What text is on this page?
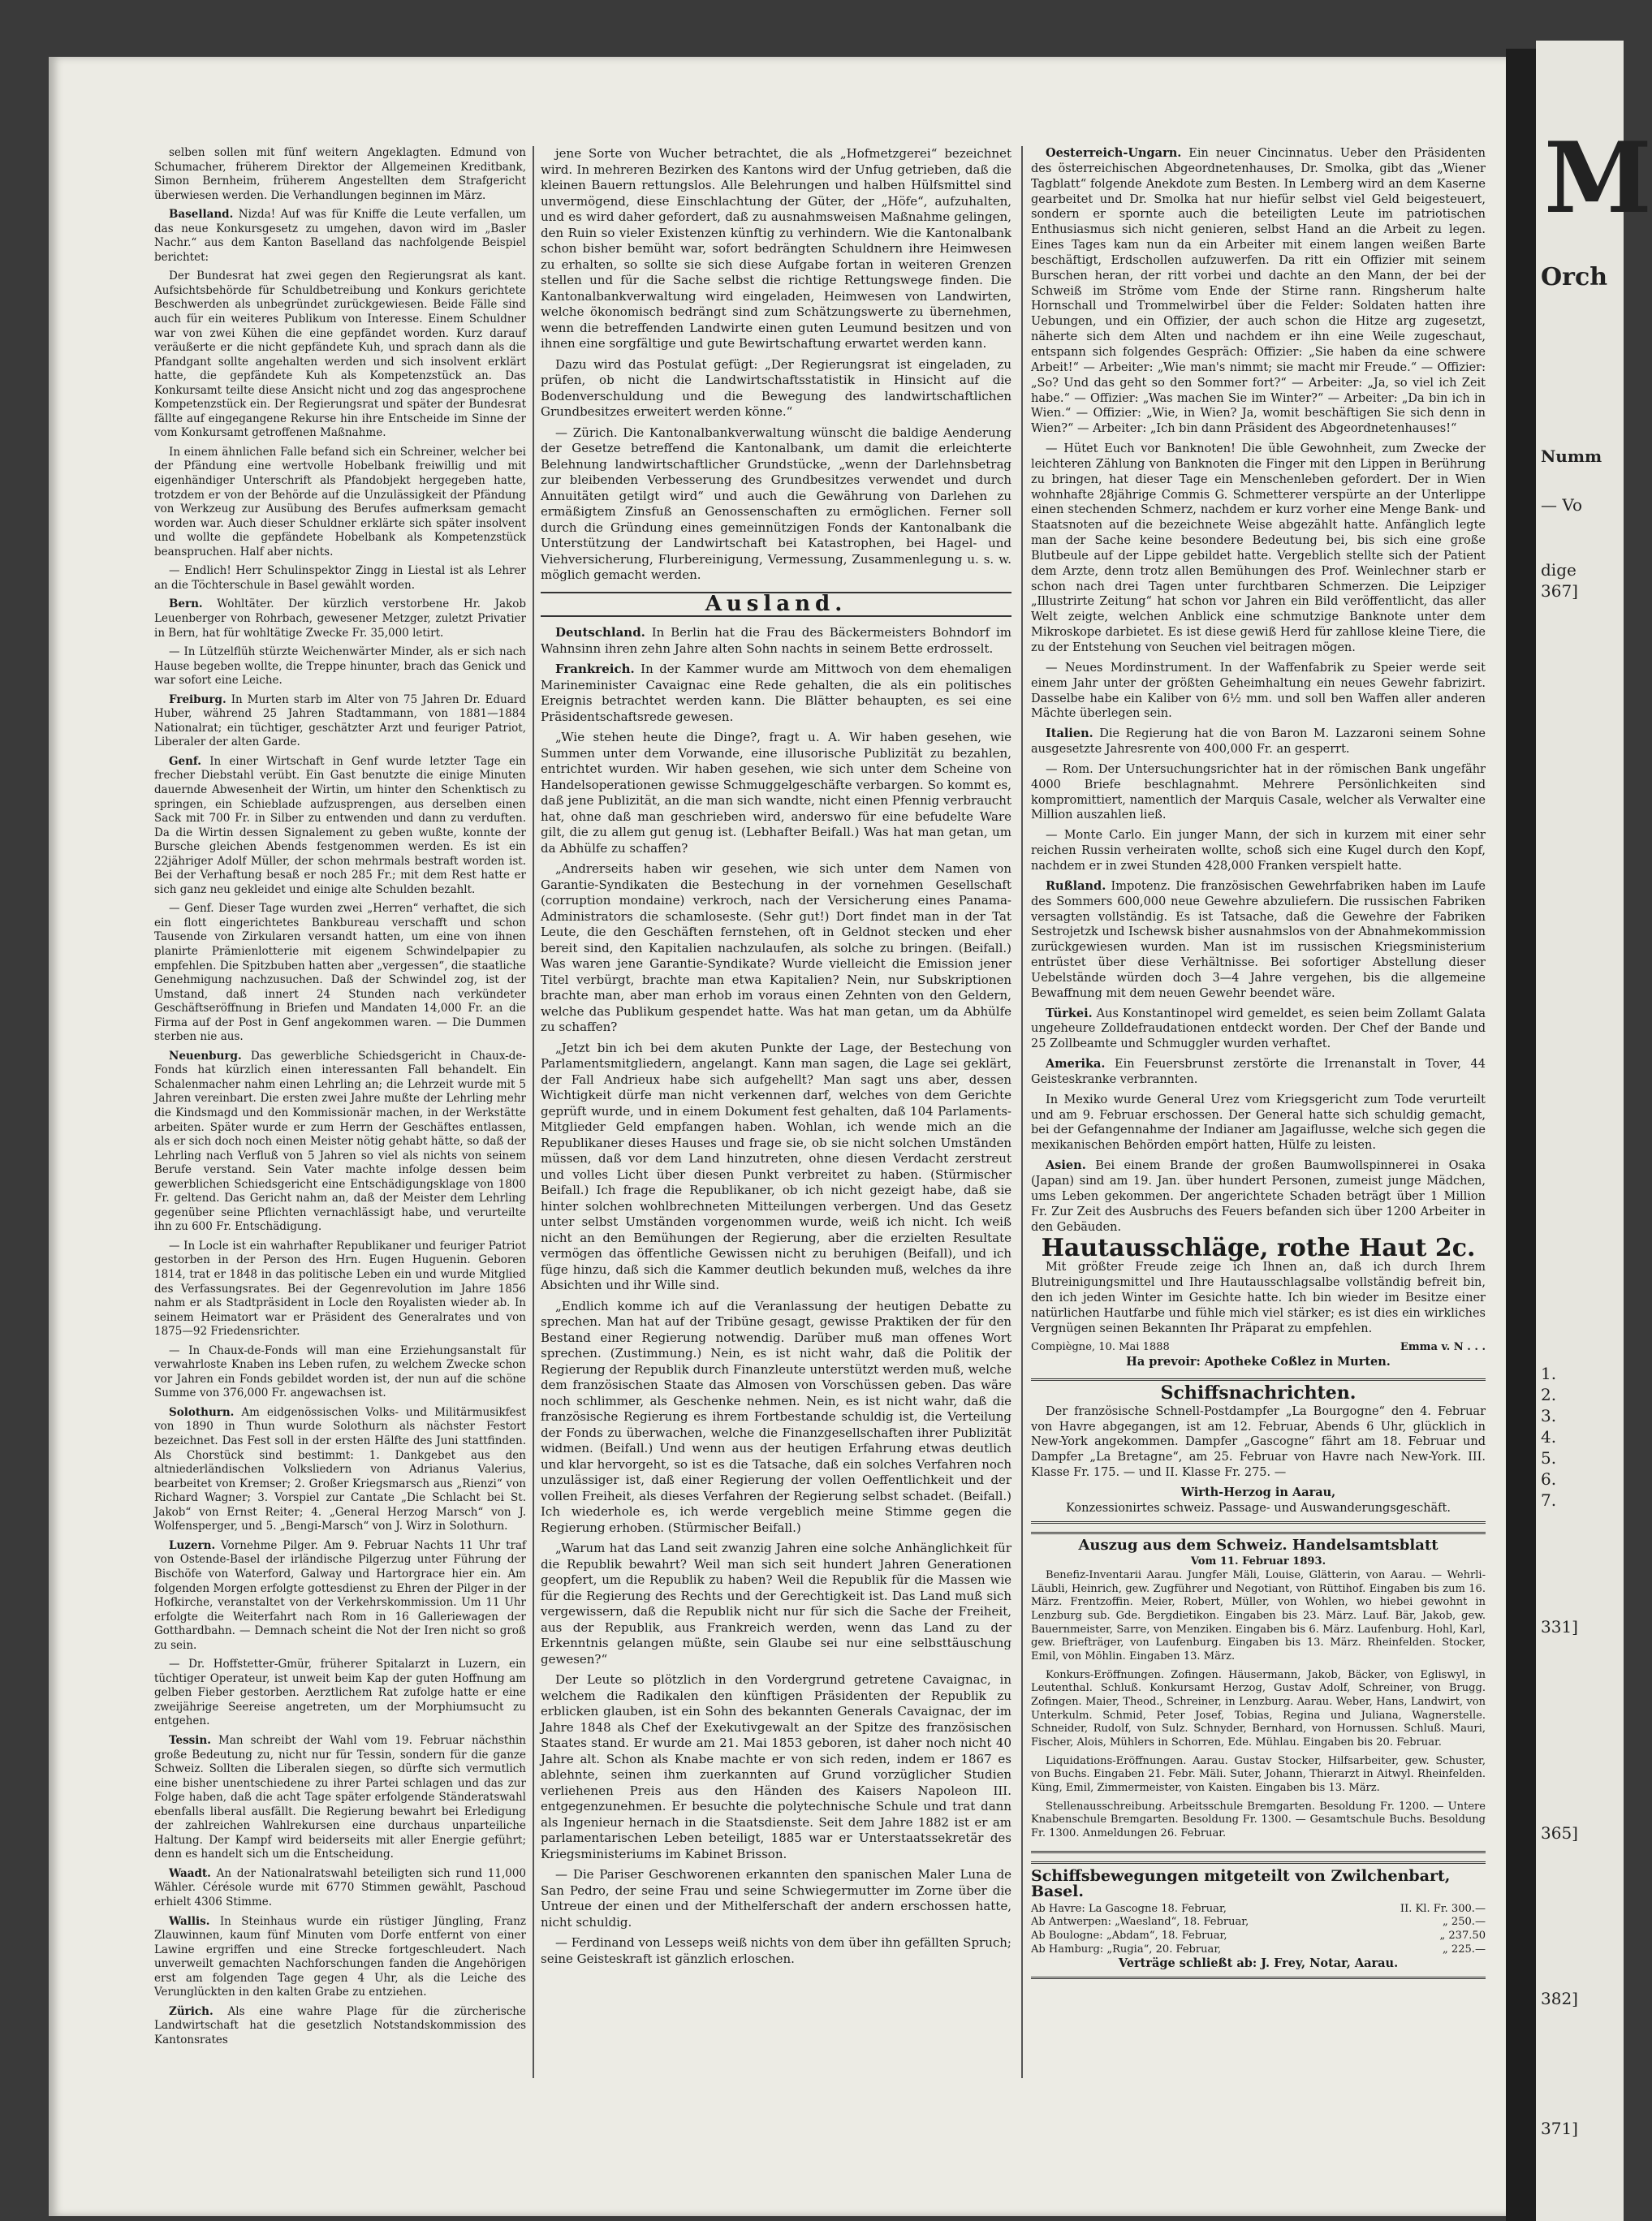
M
Orch
Numm
— Vo
dige
367]
1.
2.
3.
4.
5.
6.
7.
331]
365]
382]
371]

selben sollen mit fünf weitern Angeklagten. Edmund von Schumacher, früherem Direktor der Allgemeinen Kreditbank, Simon Bernheim, früherem Angestellten dem Strafgericht überwiesen werden. Die Verhandlungen beginnen im März.

Baselland. Nizda! Auf was für Kniffe die Leute verfallen, um das neue Konkursgesetz zu umgehen, davon wird im „Basler Nachr.“ aus dem Kanton Baselland das nachfolgende Beispiel berichtet:

Der Bundesrat hat zwei gegen den Regierungsrat als kant. Aufsichtsbehörde für Schuldbetreibung und Konkurs gerichtete Beschwerden als unbegründet zurückgewiesen. Beide Fälle sind auch für ein weiteres Publikum von Interesse. Einem Schuldner war von zwei Kühen die eine gepfändet worden. Kurz darauf veräußerte er die nicht gepfändete Kuh, und sprach dann als die Pfandgant sollte angehalten werden und sich insolvent erklärt hatte, die gepfändete Kuh als Kompetenzstück an. Das Konkursamt teilte diese Ansicht nicht und zog das angesprochene Kompetenzstück ein. Der Regierungsrat und später der Bundesrat fällte auf eingegangene Rekurse hin ihre Entscheide im Sinne der vom Konkursamt getroffenen Maßnahme.

In einem ähnlichen Falle befand sich ein Schreiner, welcher bei der Pfändung eine wertvolle Hobelbank freiwillig und mit eigenhändiger Unterschrift als Pfandobjekt hergegeben hatte, trotzdem er von der Behörde auf die Unzulässigkeit der Pfändung von Werkzeug zur Ausübung des Berufes aufmerksam gemacht worden war. Auch dieser Schuldner erklärte sich später insolvent und wollte die gepfändete Hobelbank als Kompetenzstück beanspruchen. Half aber nichts.

— Endlich! Herr Schulinspektor Zingg in Liestal ist als Lehrer an die Töchterschule in Basel gewählt worden.

Bern. Wohltäter. Der kürzlich verstorbene Hr. Jakob Leuenberger von Rohrbach, gewesener Metzger, zuletzt Privatier in Bern, hat für wohltätige Zwecke Fr. 35,000 letirt.

— In Lützelflüh stürzte Weichenwärter Minder, als er sich nach Hause begeben wollte, die Treppe hinunter, brach das Genick und war sofort eine Leiche.

Freiburg. In Murten starb im Alter von 75 Jahren Dr. Eduard Huber, während 25 Jahren Stadtammann, von 1881—1884 Nationalrat; ein tüchtiger, geschätzter Arzt und feuriger Patriot, Liberaler der alten Garde.

Genf. In einer Wirtschaft in Genf wurde letzter Tage ein frecher Diebstahl verübt. Ein Gast benutzte die einige Minuten dauernde Abwesenheit der Wirtin, um hinter den Schenktisch zu springen, ein Schieblade aufzusprengen, aus derselben einen Sack mit 700 Fr. in Silber zu entwenden und dann zu verduften. Da die Wirtin dessen Signalement zu geben wußte, konnte der Bursche gleichen Abends festgenommen werden. Es ist ein 22jähriger Adolf Müller, der schon mehrmals bestraft worden ist. Bei der Verhaftung besaß er noch 285 Fr.; mit dem Rest hatte er sich ganz neu gekleidet und einige alte Schulden bezahlt.

— Genf. Dieser Tage wurden zwei „Herren“ verhaftet, die sich ein flott eingerichtetes Bankbureau verschafft und schon Tausende von Zirkularen versandt hatten, um eine von ihnen planirte Prämienlotterie mit eigenem Schwindelpapier zu empfehlen. Die Spitzbuben hatten aber „vergessen“, die staatliche Genehmigung nachzusuchen. Daß der Schwindel zog, ist der Umstand, daß innert 24 Stunden nach verkündeter Geschäftseröffnung in Briefen und Mandaten 14,000 Fr. an die Firma auf der Post in Genf angekommen waren. — Die Dummen sterben nie aus.

Neuenburg. Das gewerbliche Schiedsgericht in Chaux-de-Fonds hat kürzlich einen interessanten Fall behandelt. Ein Schalenmacher nahm einen Lehrling an; die Lehrzeit wurde mit 5 Jahren vereinbart. Die ersten zwei Jahre mußte der Lehrling mehr die Kindsmagd und den Kommissionär machen, in der Werkstätte arbeiten. Später wurde er zum Herrn der Geschäftes entlassen, als er sich doch noch einen Meister nötig gehabt hätte, so daß der Lehrling nach Verfluß von 5 Jahren so viel als nichts von seinem Berufe verstand. Sein Vater machte infolge dessen beim gewerblichen Schiedsgericht eine Entschädigungsklage von 1800 Fr. geltend. Das Gericht nahm an, daß der Meister dem Lehrling gegenüber seine Pflichten vernachlässigt habe, und verurteilte ihn zu 600 Fr. Entschädigung.

— In Locle ist ein wahrhafter Republikaner und feuriger Patriot gestorben in der Person des Hrn. Eugen Huguenin. Geboren 1814, trat er 1848 in das politische Leben ein und wurde Mitglied des Verfassungsrates. Bei der Gegenrevolution im Jahre 1856 nahm er als Stadtpräsident in Locle den Royalisten wieder ab. In seinem Heimatort war er Präsident des Generalrates und von 1875—92 Friedensrichter.

— In Chaux-de-Fonds will man eine Erziehungsanstalt für verwahrloste Knaben ins Leben rufen, zu welchem Zwecke schon vor Jahren ein Fonds gebildet worden ist, der nun auf die schöne Summe von 376,000 Fr. angewachsen ist.

Solothurn. Am eidgenössischen Volks- und Militärmusikfest von 1890 in Thun wurde Solothurn als nächster Festort bezeichnet. Das Fest soll in der ersten Hälfte des Juni stattfinden. Als Chorstück sind bestimmt: 1. Dankgebet aus den altniederländischen Volksliedern von Adrianus Valerius, bearbeitet von Kremser; 2. Großer Kriegsmarsch aus „Rienzi“ von Richard Wagner; 3. Vorspiel zur Cantate „Die Schlacht bei St. Jakob“ von Ernst Reiter; 4. „General Herzog Marsch“ von J. Wolfensperger, und 5. „Bengi-Marsch“ von J. Wirz in Solothurn.

Luzern. Vornehme Pilger. Am 9. Februar Nachts 11 Uhr traf von Ostende-Basel der irländische Pilgerzug unter Führung der Bischöfe von Waterford, Galway und Hartorgrace hier ein. Am folgenden Morgen erfolgte gottesdienst zu Ehren der Pilger in der Hofkirche, veranstaltet von der Verkehrskommission. Um 11 Uhr erfolgte die Weiterfahrt nach Rom in 16 Galleriewagen der Gotthardbahn. — Demnach scheint die Not der Iren nicht so groß zu sein.

— Dr. Hoffstetter-Gmür, früherer Spitalarzt in Luzern, ein tüchtiger Operateur, ist unweit beim Kap der guten Hoffnung am gelben Fieber gestorben. Aerztlichem Rat zufolge hatte er eine zweijährige Seereise angetreten, um der Morphiumsucht zu entgehen.

Tessin. Man schreibt der Wahl vom 19. Februar nächsthin große Bedeutung zu, nicht nur für Tessin, sondern für die ganze Schweiz. Sollten die Liberalen siegen, so dürfte sich vermutlich eine bisher unentschiedene zu ihrer Partei schlagen und das zur Folge haben, daß die acht Tage später erfolgende Ständeratswahl ebenfalls liberal ausfällt. Die Regierung bewahrt bei Erledigung der zahlreichen Wahlrekursen eine durchaus unparteiliche Haltung. Der Kampf wird beiderseits mit aller Energie geführt; denn es handelt sich um die Entscheidung.

Waadt. An der Nationalratswahl beteiligten sich rund 11,000 Wähler. Cérésole wurde mit 6770 Stimmen gewählt, Paschoud erhielt 4306 Stimme.

Wallis. In Steinhaus wurde ein rüstiger Jüngling, Franz Zlauwinnen, kaum fünf Minuten vom Dorfe entfernt von einer Lawine ergriffen und eine Strecke fortgeschleudert. Nach unverweilt gemachten Nachforschungen fanden die Angehörigen erst am folgenden Tage gegen 4 Uhr, als die Leiche des Verunglückten in den kalten Grabe zu entziehen.

Zürich. Als eine wahre Plage für die zürcherische Landwirtschaft hat die gesetzlich Notstandskommission des Kantonsrates

jene Sorte von Wucher betrachtet, die als „Hofmetzgerei“ bezeichnet wird. In mehreren Bezirken des Kantons wird der Unfug getrieben, daß die kleinen Bauern rettungslos. Alle Belehrungen und halben Hülfsmittel sind unvermögend, diese Einschlachtung der Güter, der „Höfe“, aufzuhalten, und es wird daher gefordert, daß zu ausnahmsweisen Maßnahme gelingen, den Ruin so vieler Existenzen künftig zu verhindern. Wie die Kantonalbank schon bisher bemüht war, sofort bedrängten Schuldnern ihre Heimwesen zu erhalten, so sollte sie sich diese Aufgabe fortan in weiteren Grenzen stellen und für die Sache selbst die richtige Rettungswege finden. Die Kantonalbankverwaltung wird eingeladen, Heimwesen von Landwirten, welche ökonomisch bedrängt sind zum Schätzungswerte zu übernehmen, wenn die betreffenden Landwirte einen guten Leumund besitzen und von ihnen eine sorgfältige und gute Bewirtschaftung erwartet werden kann.

Dazu wird das Postulat gefügt: „Der Regierungsrat ist eingeladen, zu prüfen, ob nicht die Landwirtschaftsstatistik in Hinsicht auf die Bodenverschuldung und die Bewegung des landwirtschaftlichen Grundbesitzes erweitert werden könne.“

— Zürich. Die Kantonalbankverwaltung wünscht die baldige Aenderung der Gesetze betreffend die Kantonalbank, um damit die erleichterte Belehnung landwirtschaftlicher Grundstücke, „wenn der Darlehnsbetrag zur bleibenden Verbesserung des Grundbesitzes verwendet und durch Annuitäten getilgt wird“ und auch die Gewährung von Darlehen zu ermäßigtem Zinsfuß an Genossenschaften zu ermöglichen. Ferner soll durch die Gründung eines gemeinnützigen Fonds der Kantonalbank die Unterstützung der Landwirtschaft bei Katastrophen, bei Hagel- und Viehversicherung, Flurbereinigung, Vermessung, Zusammenlegung u. s. w. möglich gemacht werden.

Ausland.

Deutschland. In Berlin hat die Frau des Bäckermeisters Bohndorf im Wahnsinn ihren zehn Jahre alten Sohn nachts in seinem Bette erdrosselt.

Frankreich. In der Kammer wurde am Mittwoch von dem ehemaligen Marineminister Cavaignac eine Rede gehalten, die als ein politisches Ereignis betrachtet werden kann. Die Blätter behaupten, es sei eine Präsidentschaftsrede gewesen.

„Wie stehen heute die Dinge?, fragt u. A. Wir haben gesehen, wie Summen unter dem Vorwande, eine illusorische Publizität zu bezahlen, entrichtet wurden. Wir haben gesehen, wie sich unter dem Scheine von Handelsoperationen gewisse Schmuggelgeschäfte verbargen. So kommt es, daß jene Publizität, an die man sich wandte, nicht einen Pfennig verbraucht hat, ohne daß man geschrieben wird, anderswo für eine befudelte Ware gilt, die zu allem gut genug ist. (Lebhafter Beifall.) Was hat man getan, um da Abhülfe zu schaffen?

„Andrerseits haben wir gesehen, wie sich unter dem Namen von Garantie-Syndikaten die Bestechung in der vornehmen Gesellschaft (corruption mondaine) verkroch, nach der Versicherung eines Panama-Administrators die schamloseste. (Sehr gut!) Dort findet man in der Tat Leute, die den Geschäften fernstehen, oft in Geldnot stecken und eher bereit sind, den Kapitalien nachzulaufen, als solche zu bringen. (Beifall.) Was waren jene Garantie-Syndikate? Wurde vielleicht die Emission jener Titel verbürgt, brachte man etwa Kapitalien? Nein, nur Subskriptionen brachte man, aber man erhob im voraus einen Zehnten von den Geldern, welche das Publikum gespendet hatte. Was hat man getan, um da Abhülfe zu schaffen?

„Jetzt bin ich bei dem akuten Punkte der Lage, der Bestechung von Parlamentsmitgliedern, angelangt. Kann man sagen, die Lage sei geklärt, der Fall Andrieux habe sich aufgehellt? Man sagt uns aber, dessen Wichtigkeit dürfe man nicht verkennen darf, welches von dem Gerichte geprüft wurde, und in einem Dokument fest gehalten, daß 104 Parlaments-Mitglieder Geld empfangen haben. Wohlan, ich wende mich an die Republikaner dieses Hauses und frage sie, ob sie nicht solchen Umständen müssen, daß vor dem Land hinzutreten, ohne diesen Verdacht zerstreut und volles Licht über diesen Punkt verbreitet zu haben. (Stürmischer Beifall.) Ich frage die Republikaner, ob ich nicht gezeigt habe, daß sie hinter solchen wohlbrechneten Mitteilungen verbergen. Und das Gesetz unter selbst Umständen vorgenommen wurde, weiß ich nicht. Ich weiß nicht an den Bemühungen der Regierung, aber die erzielten Resultate vermögen das öffentliche Gewissen nicht zu beruhigen (Beifall), und ich füge hinzu, daß sich die Kammer deutlich bekunden muß, welches da ihre Absichten und ihr Wille sind.

„Endlich komme ich auf die Veranlassung der heutigen Debatte zu sprechen. Man hat auf der Tribüne gesagt, gewisse Praktiken der für den Bestand einer Regierung notwendig. Darüber muß man offenes Wort sprechen. (Zustimmung.) Nein, es ist nicht wahr, daß die Politik der Regierung der Republik durch Finanzleute unterstützt werden muß, welche dem französischen Staate das Almosen von Vorschüssen geben. Das wäre noch schlimmer, als Geschenke nehmen. Nein, es ist nicht wahr, daß die französische Regierung es ihrem Fortbestande schuldig ist, die Verteilung der Fonds zu überwachen, welche die Finanzgesellschaften ihrer Publizität widmen. (Beifall.) Und wenn aus der heutigen Erfahrung etwas deutlich und klar hervorgeht, so ist es die Tatsache, daß ein solches Verfahren noch unzulässiger ist, daß einer Regierung der vollen Oeffentlichkeit und der vollen Freiheit, als dieses Verfahren der Regierung selbst schadet. (Beifall.) Ich wiederhole es, ich werde vergeblich meine Stimme gegen die Regierung erhoben. (Stürmischer Beifall.)

„Warum hat das Land seit zwanzig Jahren eine solche Anhänglichkeit für die Republik bewahrt? Weil man sich seit hundert Jahren Generationen geopfert, um die Republik zu haben? Weil die Republik für die Massen wie für die Regierung des Rechts und der Gerechtigkeit ist. Das Land muß sich vergewissern, daß die Republik nicht nur für sich die Sache der Freiheit, aus der Republik, aus Frankreich werden, wenn das Land zu der Erkenntnis gelangen müßte, sein Glaube sei nur eine selbsttäuschung gewesen?“

Der Leute so plötzlich in den Vordergrund getretene Cavaignac, in welchem die Radikalen den künftigen Präsidenten der Republik zu erblicken glauben, ist ein Sohn des bekannten Generals Cavaignac, der im Jahre 1848 als Chef der Exekutivgewalt an der Spitze des französischen Staates stand. Er wurde am 21. Mai 1853 geboren, ist daher noch nicht 40 Jahre alt. Schon als Knabe machte er von sich reden, indem er 1867 es ablehnte, seinen ihm zuerkannten auf Grund vorzüglicher Studien verliehenen Preis aus den Händen des Kaisers Napoleon III. entgegenzunehmen. Er besuchte die polytechnische Schule und trat dann als Ingenieur hernach in die Staatsdienste. Seit dem Jahre 1882 ist er am parlamentarischen Leben beteiligt, 1885 war er Unterstaatssekretär des Kriegsministeriums im Kabinet Brisson.

— Die Pariser Geschworenen erkannten den spanischen Maler Luna de San Pedro, der seine Frau und seine Schwiegermutter im Zorne über die Untreue der einen und der Mithelferschaft der andern erschossen hatte, nicht schuldig.

— Ferdinand von Lesseps weiß nichts von dem über ihn gefällten Spruch; seine Geisteskraft ist gänzlich erloschen.

Oesterreich-Ungarn. Ein neuer Cincinnatus. Ueber den Präsidenten des österreichischen Abgeordnetenhauses, Dr. Smolka, gibt das „Wiener Tagblatt“ folgende Anekdote zum Besten. In Lemberg wird an dem Kaserne gearbeitet und Dr. Smolka hat nur hiefür selbst viel Geld beigesteuert, sondern er spornte auch die beteiligten Leute im patriotischen Enthusiasmus sich nicht genieren, selbst Hand an die Arbeit zu legen. Eines Tages kam nun da ein Arbeiter mit einem langen weißen Barte beschäftigt, Erdschollen aufzuwerfen. Da ritt ein Offizier mit seinem Burschen heran, der ritt vorbei und dachte an den Mann, der bei der Schweiß im Ströme vom Ende der Stirne rann. Ringsherum halte Hornschall und Trommelwirbel über die Felder: Soldaten hatten ihre Uebungen, und ein Offizier, der auch schon die Hitze arg zugesetzt, näherte sich dem Alten und nachdem er ihn eine Weile zugeschaut, entspann sich folgendes Gespräch: Offizier: „Sie haben da eine schwere Arbeit!“ — Arbeiter: „Wie man's nimmt; sie macht mir Freude.“ — Offizier: „So? Und das geht so den Sommer fort?“ — Arbeiter: „Ja, so viel ich Zeit habe.“ — Offizier: „Was machen Sie im Winter?“ — Arbeiter: „Da bin ich in Wien.“ — Offizier: „Wie, in Wien? Ja, womit beschäftigen Sie sich denn in Wien?“ — Arbeiter: „Ich bin dann Präsident des Abgeordnetenhauses!“

— Hütet Euch vor Banknoten! Die üble Gewohnheit, zum Zwecke der leichteren Zählung von Banknoten die Finger mit den Lippen in Berührung zu bringen, hat dieser Tage ein Menschenleben gefordert. Der in Wien wohnhafte 28jährige Commis G. Schmetterer verspürte an der Unterlippe einen stechenden Schmerz, nachdem er kurz vorher eine Menge Bank- und Staatsnoten auf die bezeichnete Weise abgezählt hatte. Anfänglich legte man der Sache keine besondere Bedeutung bei, bis sich eine große Blutbeule auf der Lippe gebildet hatte. Vergeblich stellte sich der Patient dem Arzte, denn trotz allen Bemühungen des Prof. Weinlechner starb er schon nach drei Tagen unter furchtbaren Schmerzen. Die Leipziger „Illustrirte Zeitung“ hat schon vor Jahren ein Bild veröffentlicht, das aller Welt zeigte, welchen Anblick eine schmutzige Banknote unter dem Mikroskope darbietet. Es ist diese gewiß Herd für zahllose kleine Tiere, die zu der Entstehung von Seuchen viel beitragen mögen.

— Neues Mordinstrument. In der Waffenfabrik zu Speier werde seit einem Jahr unter der größten Geheimhaltung ein neues Gewehr fabrizirt. Dasselbe habe ein Kaliber von 6½ mm. und soll ben Waffen aller anderen Mächte überlegen sein.

Italien. Die Regierung hat die von Baron M. Lazzaroni seinem Sohne ausgesetzte Jahresrente von 400,000 Fr. an gesperrt.

— Rom. Der Untersuchungsrichter hat in der römischen Bank ungefähr 4000 Briefe beschlagnahmt. Mehrere Persönlichkeiten sind kompromittiert, namentlich der Marquis Casale, welcher als Verwalter eine Million auszahlen ließ.

— Monte Carlo. Ein junger Mann, der sich in kurzem mit einer sehr reichen Russin verheiraten wollte, schoß sich eine Kugel durch den Kopf, nachdem er in zwei Stunden 428,000 Franken verspielt hatte.

Rußland. Impotenz. Die französischen Gewehrfabriken haben im Laufe des Sommers 600,000 neue Gewehre abzuliefern. Die russischen Fabriken versagten vollständig. Es ist Tatsache, daß die Gewehre der Fabriken Sestrojetzk und Ischewsk bisher ausnahmslos von der Abnahmekommission zurückgewiesen wurden. Man ist im russischen Kriegsministerium entrüstet über diese Verhältnisse. Bei sofortiger Abstellung dieser Uebelstände würden doch 3—4 Jahre vergehen, bis die allgemeine Bewaffnung mit dem neuen Gewehr beendet wäre.

Türkei. Aus Konstantinopel wird gemeldet, es seien beim Zollamt Galata ungeheure Zolldefraudationen entdeckt worden. Der Chef der Bande und 25 Zollbeamte und Schmuggler wurden verhaftet.

Amerika. Ein Feuersbrunst zerstörte die Irrenanstalt in Tover, 44 Geisteskranke verbrannten.

In Mexiko wurde General Urez vom Kriegsgericht zum Tode verurteilt und am 9. Februar erschossen. Der General hatte sich schuldig gemacht, bei der Gefangennahme der Indianer am Jagaiflusse, welche sich gegen die mexikanischen Behörden empört hatten, Hülfe zu leisten.

Asien. Bei einem Brande der großen Baumwollspinnerei in Osaka (Japan) sind am 19. Jan. über hundert Personen, zumeist junge Mädchen, ums Leben gekommen. Der angerichtete Schaden beträgt über 1 Million Fr. Zur Zeit des Ausbruchs des Feuers befanden sich über 1200 Arbeiter in den Gebäuden.

Hautausschläge, rothe Haut 2c.

Mit größter Freude zeige ich Ihnen an, daß ich durch Ihrem Blutreinigungsmittel und Ihre Hautausschlagsalbe vollständig befreit bin, den ich jeden Winter im Gesichte hatte. Ich bin wieder im Besitze einer natürlichen Hautfarbe und fühle mich viel stärker; es ist dies ein wirkliches Vergnügen seinen Bekannten Ihr Präparat zu empfehlen.

Compiègne, 10. Mai 1888	Emma v. N . . .
Ha prevoir: Apotheke Coßlez in Murten.
Schiffsnachrichten.

Der französische Schnell-Postdampfer „La Bourgogne“ den 4. Februar von Havre abgegangen, ist am 12. Februar, Abends 6 Uhr, glücklich in New-York angekommen. Dampfer „Gascogne“ fährt am 18. Februar und Dampfer „La Bretagne“, am 25. Februar von Havre nach New-York. III. Klasse Fr. 175. — und II. Klasse Fr. 275. —

Wirth-Herzog in Aarau,
Konzessionirtes schweiz. Passage- und Auswanderungsgeschäft.
Auszug aus dem Schweiz. Handelsamtsblatt
Vom 11. Februar 1893.

Benefiz-Inventarii Aarau. Jungfer Mäli, Louise, Glätterin, von Aarau. — Wehrli-Läubli, Heinrich, gew. Zugführer und Negotiant, von Rüttihof. Eingaben bis zum 16. März. Frentzoffin. Meier, Robert, Müller, von Wohlen, wo hiebei gewohnt in Lenzburg sub. Gde. Bergdietikon. Eingaben bis 23. März. Lauf. Bär, Jakob, gew. Bauernmeister, Sarre, von Menziken. Eingaben bis 6. März. Laufenburg. Hohl, Karl, gew. Briefträger, von Laufenburg. Eingaben bis 13. März. Rheinfelden. Stocker, Emil, von Möhlin. Eingaben 13. März.

Konkurs-Eröffnungen. Zofingen. Häusermann, Jakob, Bäcker, von Egliswyl, in Leutenthal. Schluß. Konkursamt Herzog, Gustav Adolf, Schreiner, von Brugg. Zofingen. Maier, Theod., Schreiner, in Lenzburg. Aarau. Weber, Hans, Landwirt, von Unterkulm. Schmid, Peter Josef, Tobias, Regina und Juliana, Wagnerstelle. Schneider, Rudolf, von Sulz. Schnyder, Bernhard, von Hornussen. Schluß. Mauri, Fischer, Alois, Mühlers in Schorren, Ede. Mühlau. Eingaben bis 20. Februar.

Liquidations-Eröffnungen. Aarau. Gustav Stocker, Hilfsarbeiter, gew. Schuster, von Buchs. Eingaben 21. Febr. Mäli. Suter, Johann, Thierarzt in Aitwyl. Rheinfelden. Küng, Emil, Zimmermeister, von Kaisten. Eingaben bis 13. März.

Stellenausschreibung. Arbeitsschule Bremgarten. Besoldung Fr. 1200. — Untere Knabenschule Bremgarten. Besoldung Fr. 1300. — Gesamtschule Buchs. Besoldung Fr. 1300. Anmeldungen 26. Februar.

Schiffsbewegungen mitgeteilt von Zwilchenbart, Basel.
Ab Havre: La Gascogne 18. Februar,	II. Kl. Fr. 300.—
Ab Antwerpen: „Waesland“, 18. Februar,	„ 250.—
Ab Boulogne: „Abdam“, 18. Februar,	„ 237.50
Ab Hamburg: „Rugia“, 20. Februar,	„ 225.—
Verträge schließt ab: J. Frey, Notar, Aarau.
